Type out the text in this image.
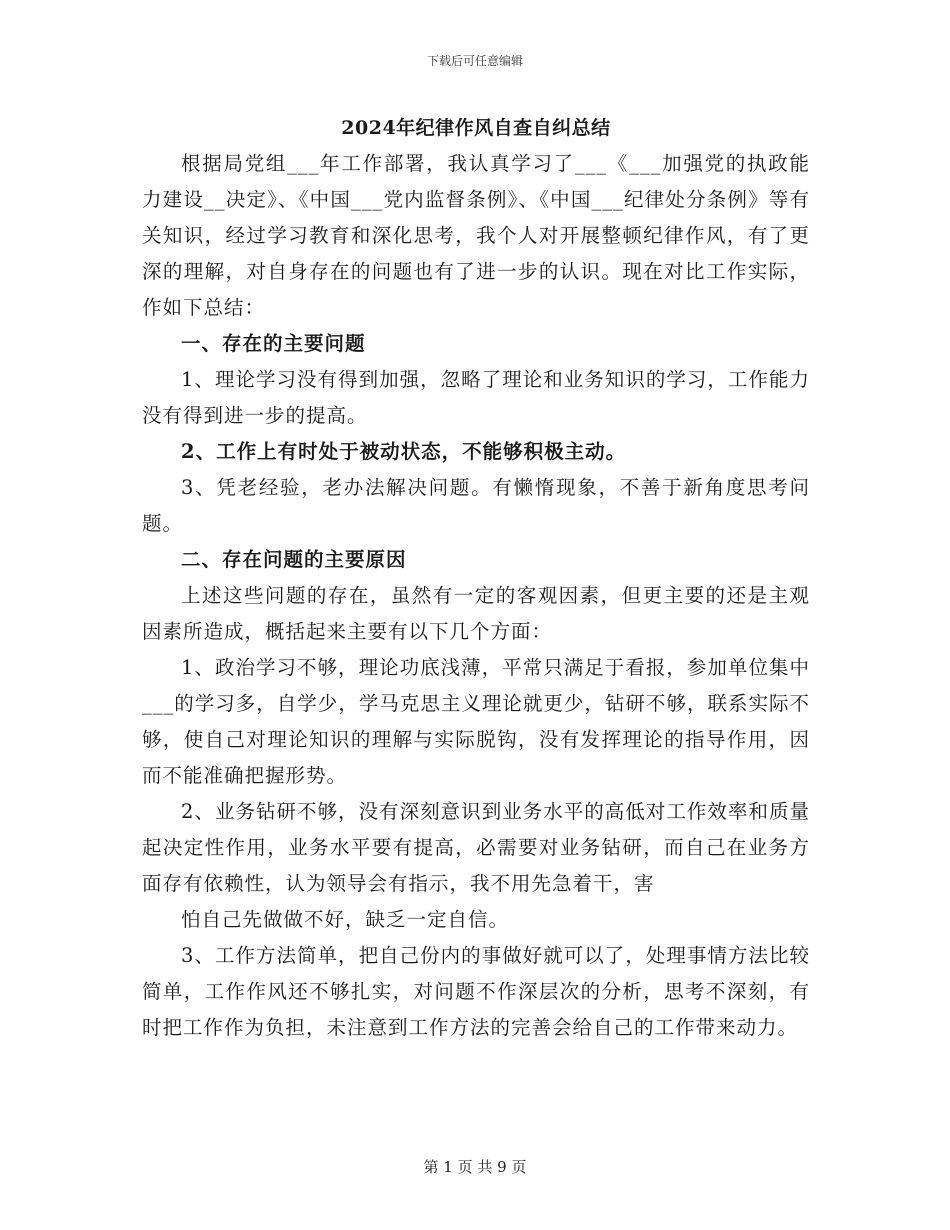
下载后可任意编辑
2024年纪律作风自查自纠总结

根据局党组___年工作部署，我认真学习了___《___加强党的执政能力建设__决定》、《中国___党内监督条例》、《中国___纪律处分条例》等有关知识，经过学习教育和深化思考，我个人对开展整顿纪律作风，有了更深的理解，对自身存在的问题也有了进一步的认识。现在对比工作实际，作如下总结：

一、存在的主要问题

1、理论学习没有得到加强，忽略了理论和业务知识的学习，工作能力没有得到进一步的提高。

2、工作上有时处于被动状态，不能够积极主动。

3、凭老经验，老办法解决问题。有懒惰现象，不善于新角度思考问题。

二、存在问题的主要原因

上述这些问题的存在，虽然有一定的客观因素，但更主要的还是主观因素所造成，概括起来主要有以下几个方面：

1、政治学习不够，理论功底浅薄，平常只满足于看报，参加单位集中___的学习多，自学少，学马克思主义理论就更少，钻研不够，联系实际不够，使自己对理论知识的理解与实际脱钩，没有发挥理论的指导作用，因而不能准确把握形势。

2、业务钻研不够，没有深刻意识到业务水平的高低对工作效率和质量起决定性作用，业务水平要有提高，必需要对业务钻研，而自己在业务方面存有依赖性，认为领导会有指示，我不用先急着干，害

怕自己先做做不好，缺乏一定自信。

3、工作方法简单，把自己份内的事做好就可以了，处理事情方法比较简单，工作作风还不够扎实，对问题不作深层次的分析，思考不深刻，有时把工作作为负担，未注意到工作方法的完善会给自己的工作带来动力。

第 1 页 共 9 页
